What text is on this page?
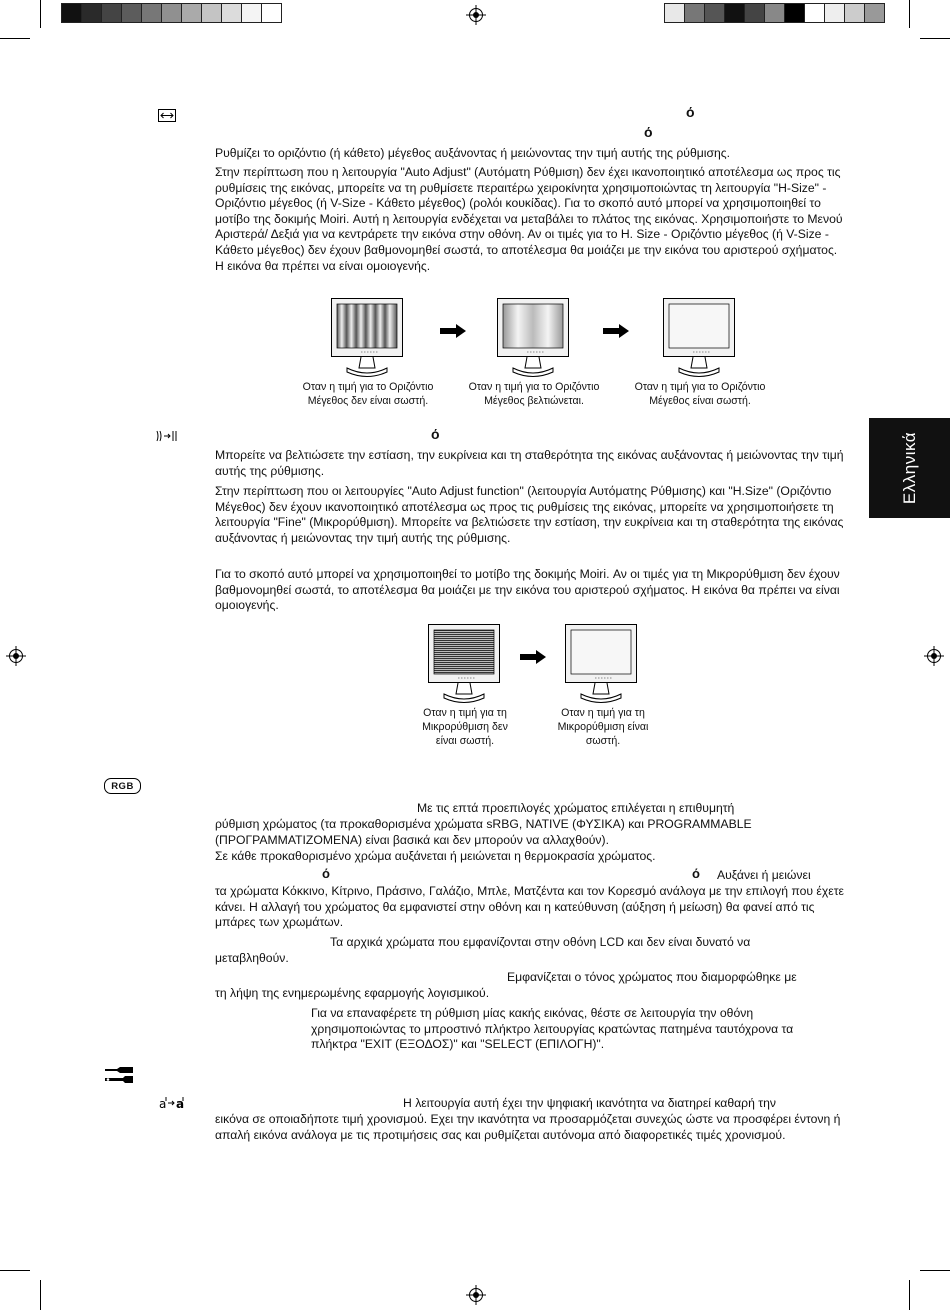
Ελληνικά
ό
ό

Ρυθμίζει το οριζόντιο (ή κάθετο) μέγεθος αυξάνοντας ή μειώνοντας την τιμή αυτής της ρύθμισης.

Στην περίπτωση που η λειτουργία "Auto Adjust" (Αυτόματη Ρύθμιση) δεν έχει ικανοποιητικό αποτέλεσμα ως προς τις ρυθμίσεις της εικόνας, μπορείτε να τη ρυθμίσετε περαιτέρω χειροκίνητα χρησιμοποιώντας τη λειτουργία "H-Size" - Οριζόντιο μέγεθος (ή V-Size - Κάθετο μέγεθος) (ρολόι κουκίδας). Για το σκοπό αυτό μπορεί να χρησιμοποιηθεί το μοτίβο της δοκιμής Moiri. Αυτή η λειτουργία ενδέχεται να μεταβάλει το πλάτος της εικόνας. Χρησιμοποιήστε το Μενού Αριστερά/ Δεξιά για να κεντράρετε την εικόνα στην οθόνη. Αν οι τιμές για το H. Size - Οριζόντιο μέγεθος (ή V-Size - Κάθετο μέγεθος) δεν έχουν βαθμονομηθεί σωστά, το αποτέλεσμα θα μοιάζει με την εικόνα του αριστερού σχήματος. Η εικόνα θα πρέπει να είναι ομοιογενής.

Οταν η τιμή για το Οριζόντιο
Μέγεθος δεν είναι σωστή.
Οταν η τιμή για το Οριζόντιο
Μέγεθος βελτιώνεται.
Οταν η τιμή για το Οριζόντιο
Μέγεθος είναι σωστή.
ό

Μπορείτε να βελτιώσετε την εστίαση, την ευκρίνεια και τη σταθερότητα της εικόνας αυξάνοντας ή μειώνοντας την τιμή αυτής της ρύθμισης.

Στην περίπτωση που οι λειτουργίες "Auto Adjust function" (λειτουργία Αυτόματης Ρύθμισης) και "H.Size" (Οριζόντιο Μέγεθος) δεν έχουν ικανοποιητικό αποτέλεσμα ως προς τις ρυθμίσεις της εικόνας, μπορείτε να χρησιμοποιήσετε τη λειτουργία "Fine" (Μικρορύθμιση). Μπορείτε να βελτιώσετε την εστίαση, την ευκρίνεια και τη σταθερότητα της εικόνας αυξάνοντας ή μειώνοντας την τιμή αυτής της ρύθμισης.

Για το σκοπό αυτό μπορεί να χρησιμοποιηθεί το μοτίβο της δοκιμής Moiri. Αν οι τιμές για τη Μικρορύθμιση δεν έχουν βαθμονομηθεί σωστά, το αποτέλεσμα θα μοιάζει με την εικόνα του αριστερού σχήματος. Η εικόνα θα πρέπει να είναι ομοιογενής.

Οταν η τιμή για τη
Μικρορύθμιση δεν
είναι σωστή.
Οταν η τιμή για τη
Μικρορύθμιση είναι
σωστή.
RGB
Με τις επτά προεπιλογές χρώματος επιλέγεται η επιθυμητή

ρύθμιση χρώματος (τα προκαθορισμένα χρώματα sRBG, NATIVE (ΦΥΣΙΚΑ) και PROGRAMMABLE (ΠΡΟΓΡΑΜΜΑΤΙΖΟΜΕΝΑ) είναι βασικά και δεν μπορούν να αλλαχθούν).

Σε κάθε προκαθορισμένο χρώμα αυξάνεται ή μειώνεται η θερμοκρασία χρώματος.

ό	ό Αυξάνει ή μειώνει

τα χρώματα Κόκκινο, Κίτρινο, Πράσινο, Γαλάζιο, Μπλε, Ματζέντα και τον Κορεσμό ανάλογα με την επιλογή που έχετε κάνει. Η αλλαγή του χρώματος θα εμφανιστεί στην οθόνη και η κατεύθυνση (αύξηση ή μείωση) θα φανεί από τις μπάρες των χρωμάτων.

Τα αρχικά χρώματα που εμφανίζονται στην οθόνη LCD και δεν είναι δυνατό να

μεταβληθούν.

Εμφανίζεται ο τόνος χρώματος που διαμορφώθηκε με

τη λήψη της ενημερωμένης εφαρμογής λογισμικού.

Για να επαναφέρετε τη ρύθμιση μίας κακής εικόνας, θέστε σε λειτουργία την οθόνη χρησιμοποιώντας το μπροστινό πλήκτρο λειτουργίας κρατώντας πατημένα ταυτόχρονα τα πλήκτρα "EXIT (ΕΞΟΔΟΣ)" και "SELECT (ΕΠΙΛΟΓΗ)".

a a	Η λειτουργία αυτή έχει την ψηφιακή ικανότητα να διατηρεί καθαρή την

εικόνα σε οποιαδήποτε τιμή χρονισμού. Εχει την ικανότητα να προσαρμόζεται συνεχώς ώστε να προσφέρει έντονη ή απαλή εικόνα ανάλογα με τις προτιμήσεις σας και ρυθμίζεται αυτόνομα από διαφορετικές τιμές χρονισμού.
